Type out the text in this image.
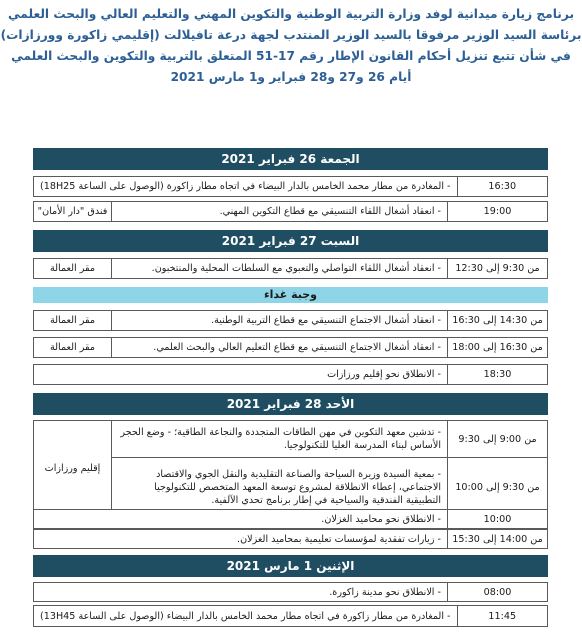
برنامج زيارة ميدانية لوفد وزارة التربية الوطنية والتكوين المهني والتعليم العالي والبحث العلمي
برئاسة السيد الوزير مرفوقا بالسيد الوزير المنتدب لجهة درعة تافيلالت (إقليمي زاكورة وورزازات)
في شأن تتبع تنزيل أحكام القانون الإطار رقم 17-51 المتعلق بالتربية والتكوين والبحث العلمي
أيام 26 و27 و28 فبراير و1 مارس 2021
الجمعة 26 فبراير 2021
16:30
- المغادرة من مطار محمد الخامس بالدار البيضاء في اتجاه مطار زاكورة (الوصول على الساعة 18H25)
19:00
- انعقاد أشغال اللقاء التنسيقي مع قطاع التكوين المهني.
فندق "دار الأمان"
السبت 27 فبراير 2021
من 9:30 إلى 12:30
- انعقاد أشغال اللقاء التواصلي والتعبوي مع السلطات المحلية والمنتخبون.
مقر العمالة
وجبة غداء
من 14:30 إلى 16:30
- انعقاد أشغال الاجتماع التنسيقي مع قطاع التربية الوطنية.
مقر العمالة
من 16:30 إلى 18:00
- انعقاد أشغال الاجتماع التنسيقي مع قطاع التعليم العالي والبحث العلمي.
مقر العمالة
18:30
- الانطلاق نحو إقليم ورزازات
الأحد 28 فبراير 2021
من 9:00 إلى 9:30
- تدشين معهد التكوين في مهن الطاقات المتجددة والنجاعة الطاقية؛ - وضع الحجر الأساس لبناء المدرسة العليا للتكنولوجيا.
من 9:30 إلى 10:00
- بمعية السيدة وزيرة السياحة والصناعة التقليدية والنقل الجوي والاقتصاد الاجتماعي، إعطاء الانطلاقة لمشروع توسعة المعهد المتخصص للتكنولوجيا التطبيقية الفندقية والسياحية في إطار برنامج تحدي الآلفية.
إقليم ورزازات
10:00
- الانطلاق نحو محاميد الغزلان.
من 14:00 إلى 15:30
- زيارات تفقدية لمؤسسات تعليمية بمحاميد الغزلان.
الإثنين 1 مارس 2021
08:00
- الانطلاق نحو مدينة زاكورة.
11:45
- المغادرة من مطار زاكورة في اتجاه مطار محمد الخامس بالدار البيضاء (الوصول على الساعة 13H45)
